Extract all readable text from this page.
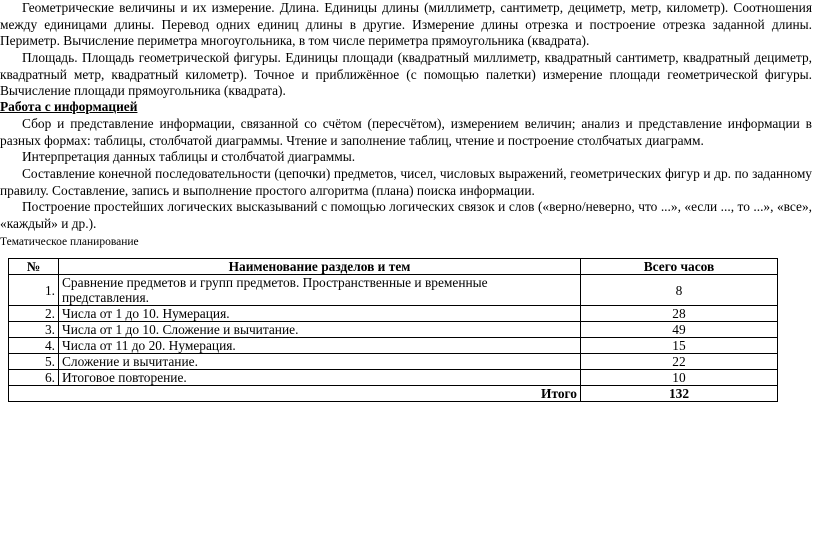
Геометрические величины и их измерение. Длина. Единицы длины (миллиметр, сантиметр, дециметр, метр, километр). Соотношения между единицами длины. Перевод одних единиц длины в другие. Измерение длины отрезка и построение отрезка заданной длины. Периметр. Вычисление периметра многоугольника, в том числе периметра прямоугольника (квадрата).

Площадь. Площадь геометрической фигуры. Единицы площади (квадратный миллиметр, квадратный сантиметр, квадратный дециметр, квадратный метр, квадратный километр). Точное и приближённое (с помощью палетки) измерение площади геометрической фигуры. Вычисление площади прямоугольника (квадрата).

Работа с информацией

Сбор и представление информации, связанной со счётом (пересчётом), измерением величин; анализ и представление информации в разных формах: таблицы, столбчатой диаграммы. Чтение и заполнение таблиц, чтение и построение столбчатых диаграмм.

Интерпретация данных таблицы и столбчатой диаграммы.

Составление конечной последовательности (цепочки) предметов, чисел, числовых выражений, геометрических фигур и др. по заданному правилу. Составление, запись и выполнение простого алгоритма (плана) поиска информации.

Построение простейших логических высказываний с помощью логических связок и слов («верно/неверно, что ...», «если ..., то ...», «все», «каждый» и др.).

Тематическое планирование

№	Наименование разделов и тем	Всего часов
1.	Сравнение предметов и групп предметов. Пространственные и временные представления.	8
2.	Числа от 1 до 10. Нумерация.	28
3.	Числа от 1 до 10. Сложение и вычитание.	49
4.	Числа от 11 до 20. Нумерация.	15
5.	Сложение и вычитание.	22
6.	Итоговое повторение.	10
Итого		132
